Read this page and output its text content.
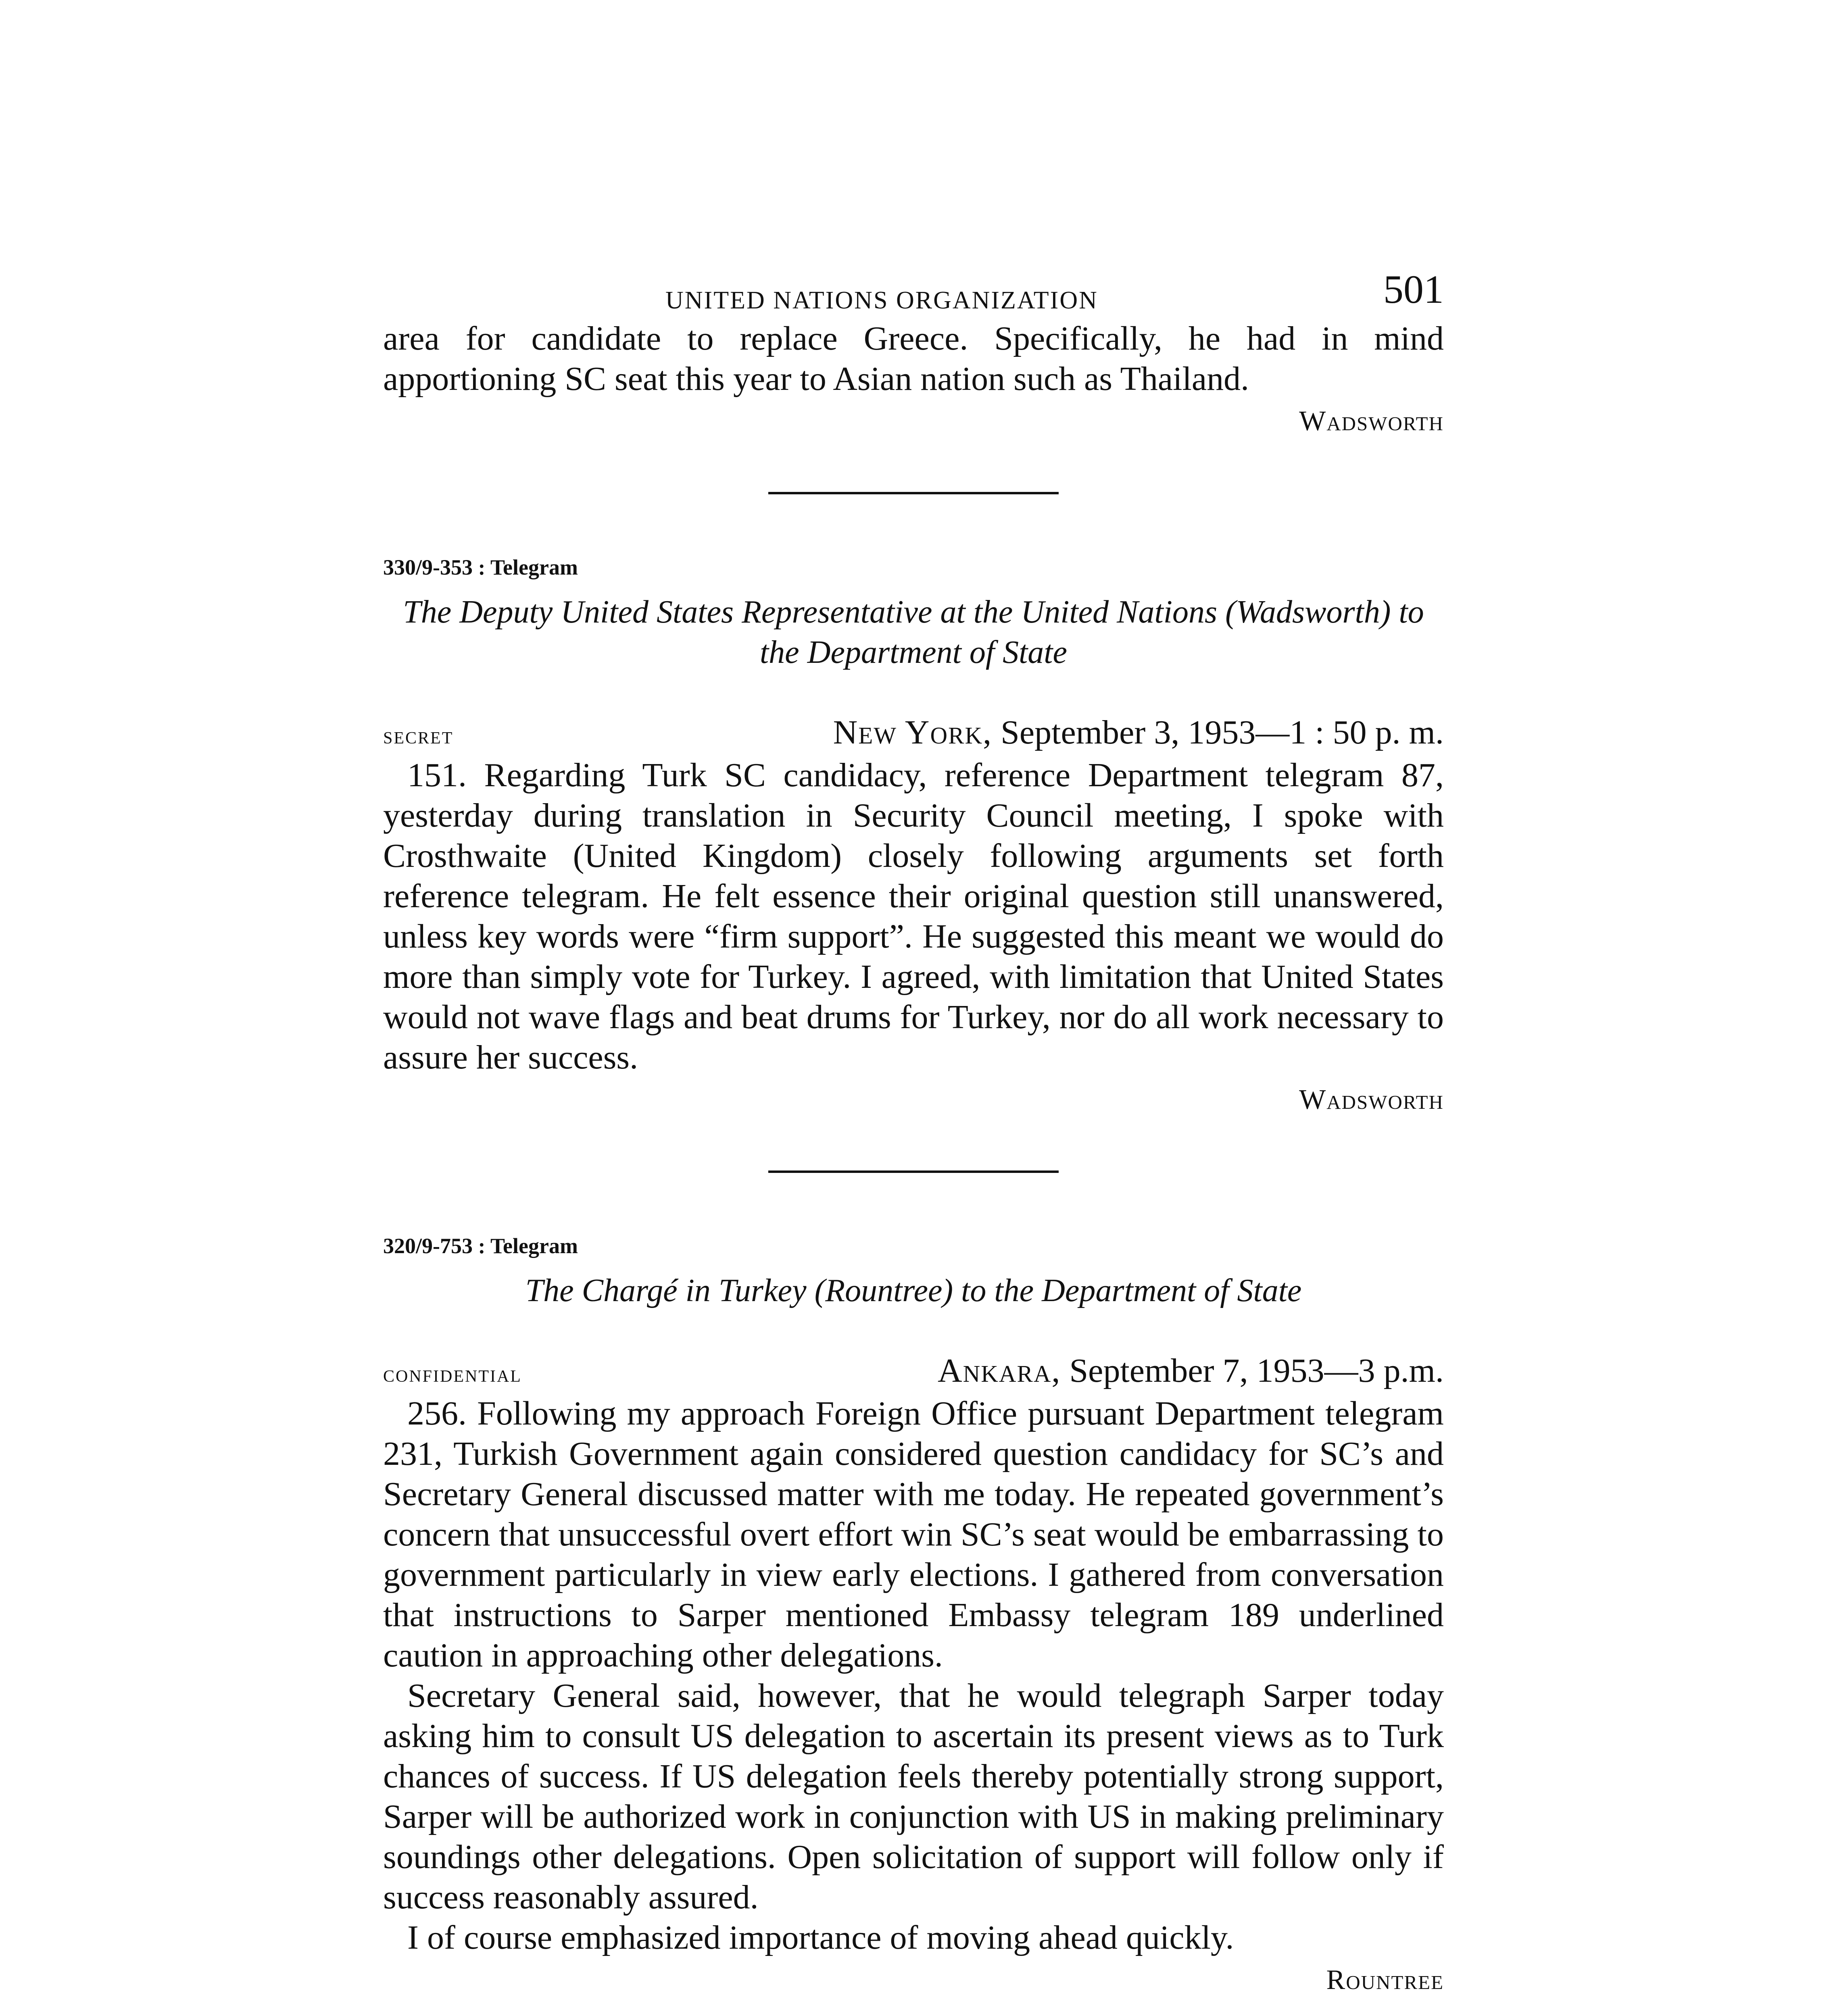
UNITED NATIONS ORGANIZATION	501

area for candidate to replace Greece. Specifically, he had in mind apportioning SC seat this year to Asian nation such as Thailand.

Wadsworth

330/9-353 : Telegram

The Deputy United States Representative at the United Nations (Wadsworth) to the Department of State

secret	New York, September 3, 1953—1 : 50 p. m.

151. Regarding Turk SC candidacy, reference Department telegram 87, yesterday during translation in Security Council meeting, I spoke with Crosthwaite (United Kingdom) closely following arguments set forth reference telegram. He felt essence their original question still unanswered, unless key words were “firm support”. He suggested this meant we would do more than simply vote for Turkey. I agreed, with limitation that United States would not wave flags and beat drums for Turkey, nor do all work necessary to assure her success.

Wadsworth

320/9-753 : Telegram

The Chargé in Turkey (Rountree) to the Department of State

confidential	Ankara, September 7, 1953—3 p.m.

256. Following my approach Foreign Office pursuant Department telegram 231, Turkish Government again considered question candidacy for SC’s and Secretary General discussed matter with me today. He repeated government’s concern that unsuccessful overt effort win SC’s seat would be embarrassing to government particularly in view early elections. I gathered from conversation that instructions to Sarper mentioned Embassy telegram 189 underlined caution in approaching other delegations.

Secretary General said, however, that he would telegraph Sarper today asking him to consult US delegation to ascertain its present views as to Turk chances of success. If US delegation feels thereby potentially strong support, Sarper will be authorized work in conjunction with US in making preliminary soundings other delegations. Open solicitation of support will follow only if success reasonably assured.

I of course emphasized importance of moving ahead quickly.

Rountree
